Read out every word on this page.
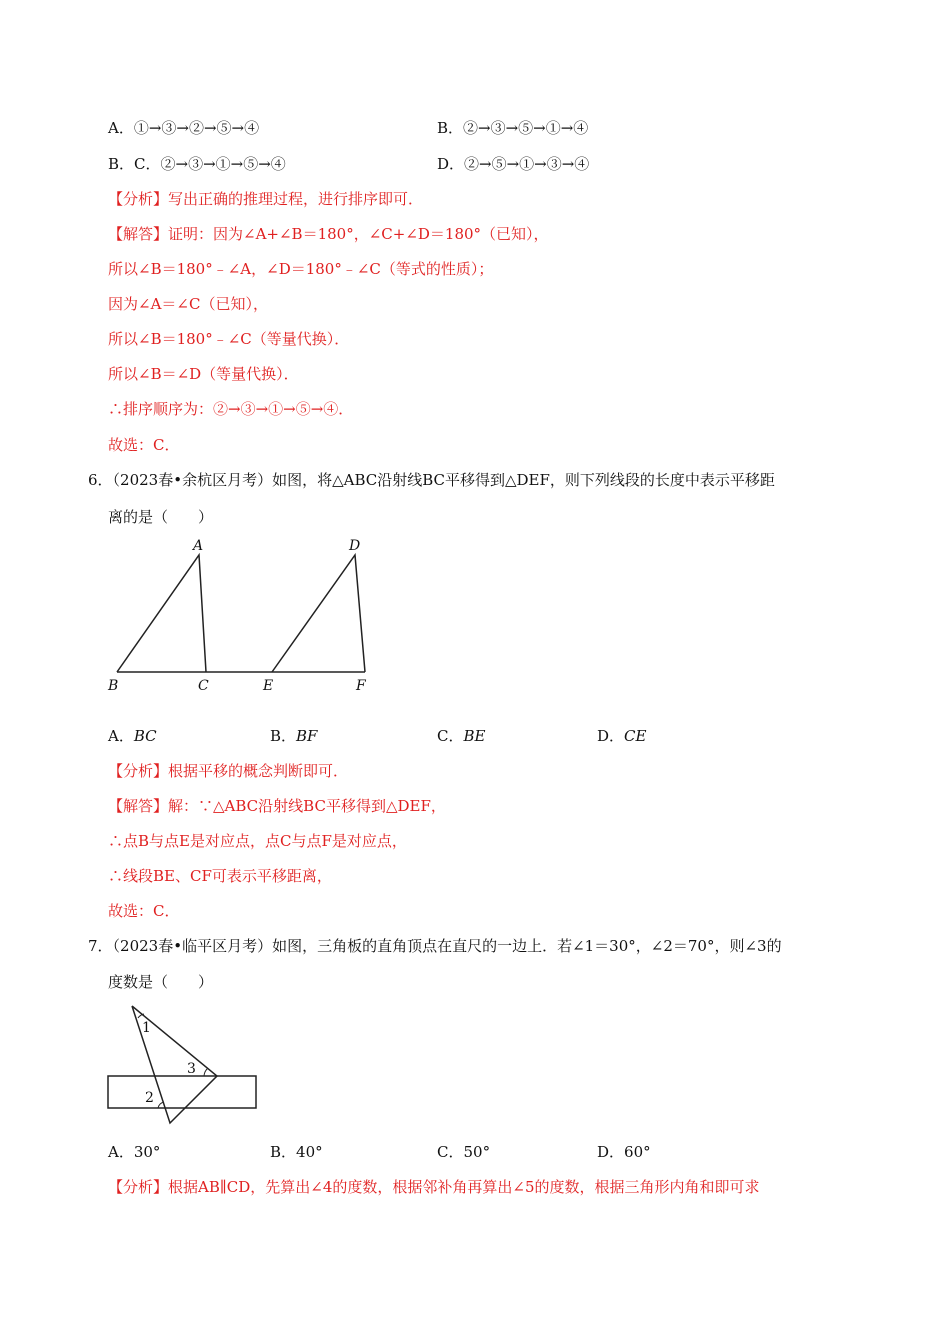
A．①→③→②→⑤→④	B．②→③→⑤→①→④
B．C．②→③→①→⑤→④	D．②→⑤→①→③→④
【分析】写出正确的推理过程，进行排序即可．
【解答】证明：因为∠A+∠B＝180°，∠C+∠D＝180°（已知），
所以∠B＝180°﹣∠A，∠D＝180°﹣∠C（等式的性质）；
因为∠A＝∠C（已知），
所以∠B＝180°﹣∠C（等量代换）．
所以∠B＝∠D（等量代换）．
∴排序顺序为：②→③→①→⑤→④．
故选：C．
6．（2023春•余杭区月考）如图，将△ABC沿射线BC平移得到△DEF，则下列线段的长度中表示平移距
离的是（　　）
A
B	C
D
E	F
A．BC	B．BF	C．BE	D．CE
【分析】根据平移的概念判断即可．
【解答】解：∵△ABC沿射线BC平移得到△DEF，
∴点B与点E是对应点，点C与点F是对应点，
∴线段BE、CF可表示平移距离，
故选：C．
7．（2023春•临平区月考）如图，三角板的直角顶点在直尺的一边上．若∠1＝30°，∠2＝70°，则∠3的
度数是（　　）
1
3
2
A．30°	B．40°	C．50°	D．60°
【分析】根据AB∥CD，先算出∠4的度数，根据邻补角再算出∠5的度数，根据三角形内角和即可求
